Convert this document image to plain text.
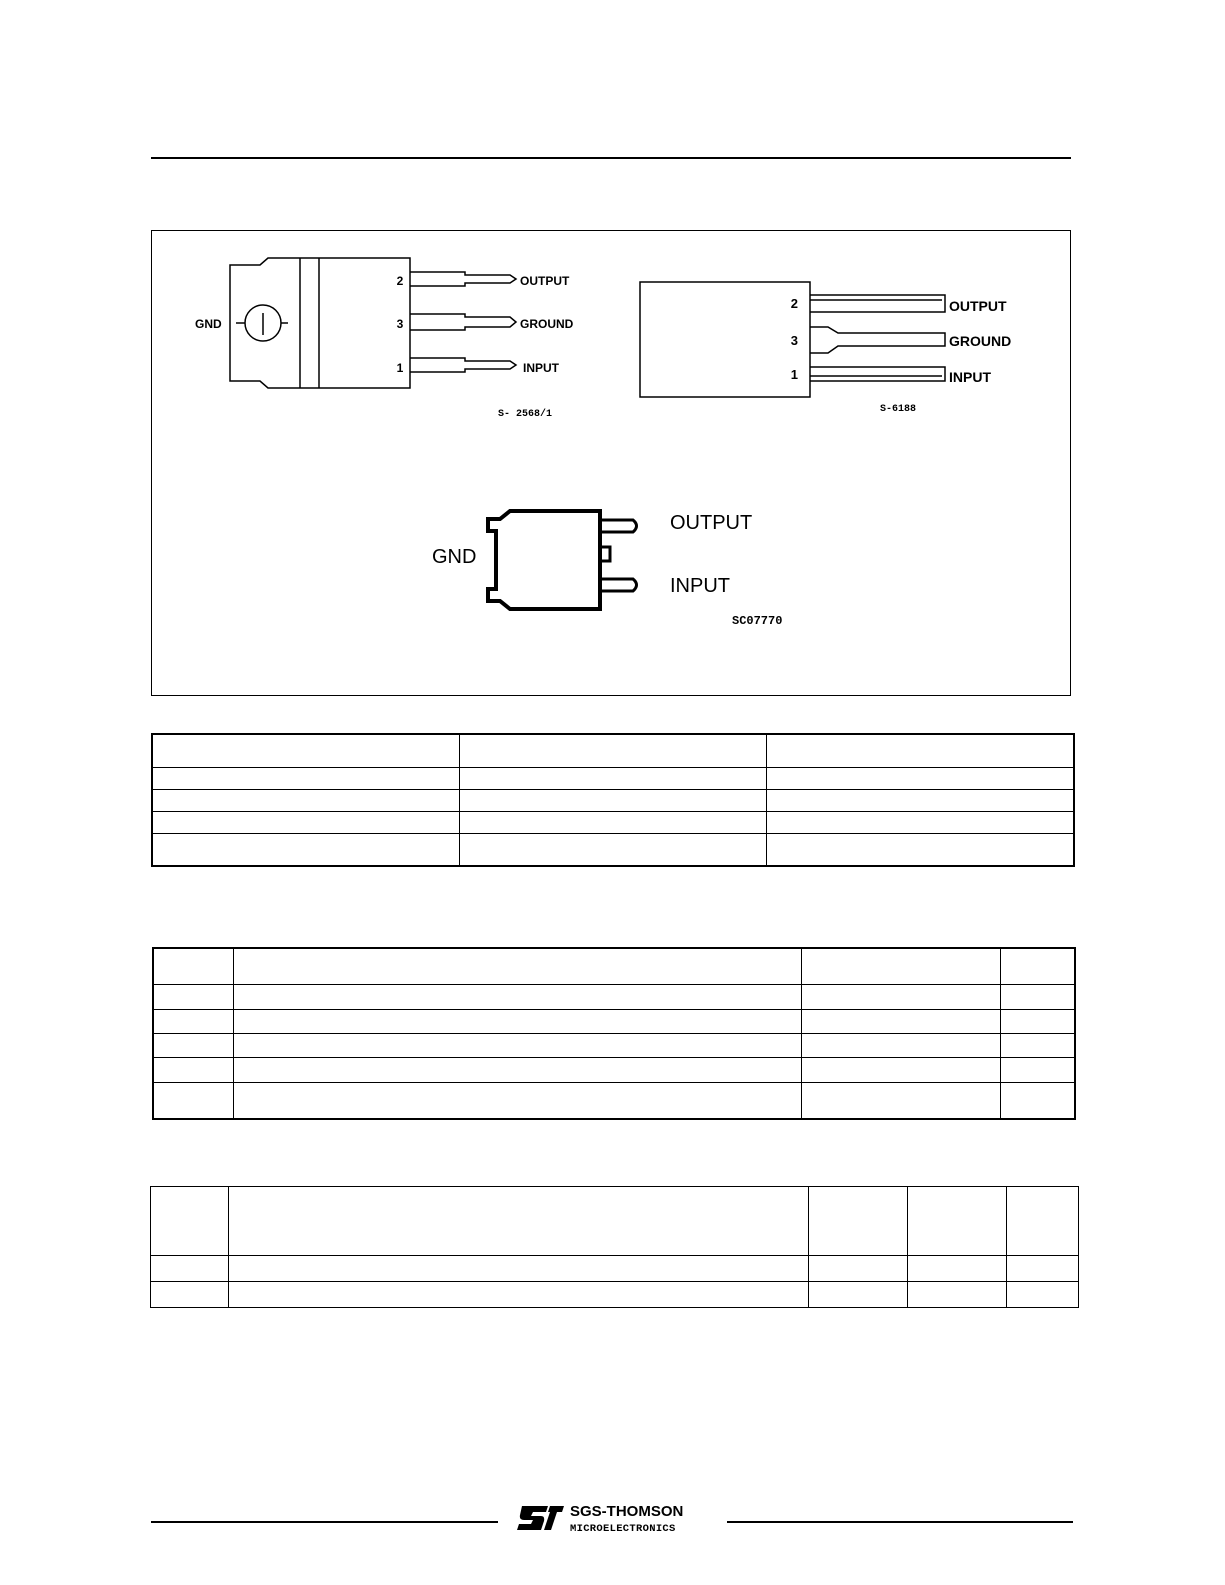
GND
2
3
1
OUTPUT
GROUND
INPUT
S- 2568/1
2
3
1
OUTPUT
GROUND
INPUT
S-6188
GND
OUTPUT
INPUT
SC07770

SGS-THOMSON
MICROELECTRONICS
